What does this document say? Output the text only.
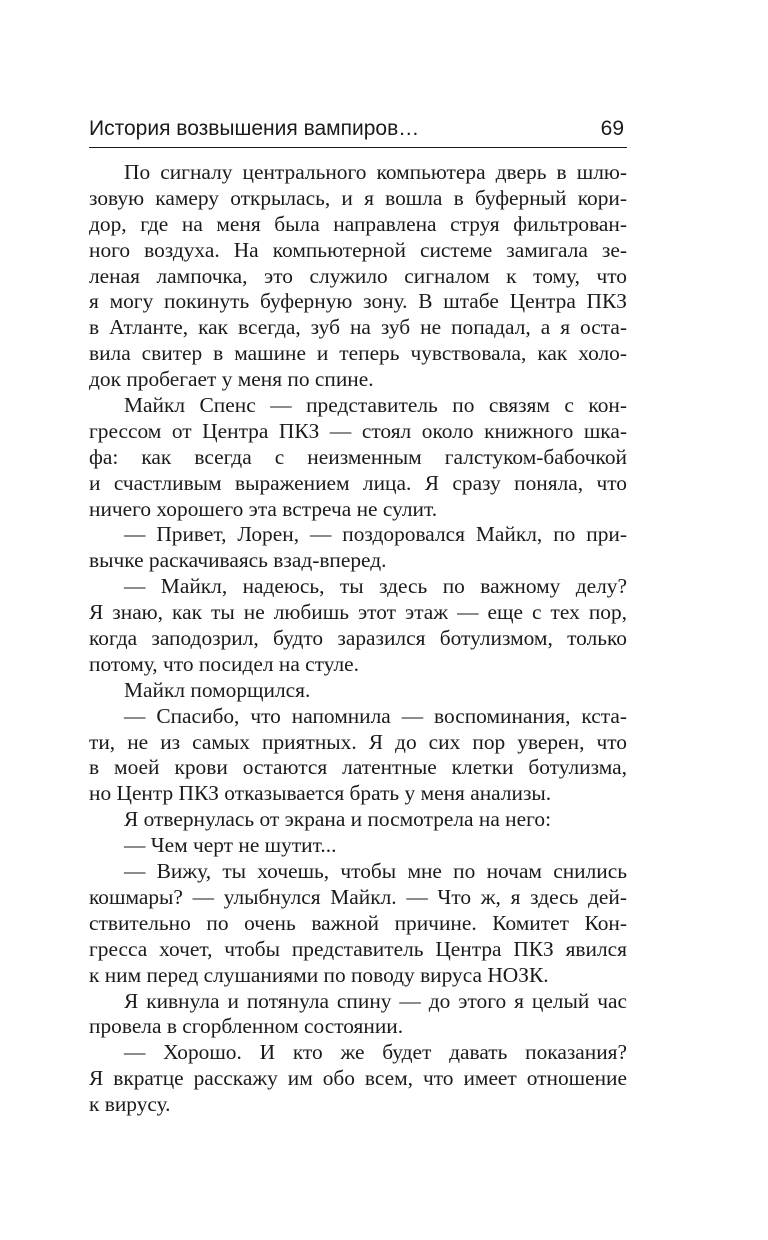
История возвышения вампиров…	69
По сигналу центрального компьютера дверь в шлю-
зовую камеру открылась, и я вошла в буферный кори-
дор, где на меня была направлена струя фильтрован-
ного воздуха. На компьютерной системе замигала зе-
леная лампочка, это служило сигналом к тому, что
я могу покинуть буферную зону. В штабе Центра ПКЗ
в Атланте, как всегда, зуб на зуб не попадал, а я оста-
вила свитер в машине и теперь чувствовала, как холо-
док пробегает у меня по спине.
Майкл Спенс — представитель по связям с кон-
грессом от Центра ПКЗ — стоял около книжного шка-
фа: как всегда с неизменным галстуком-бабочкой
и счастливым выражением лица. Я сразу поняла, что
ничего хорошего эта встреча не сулит.
— Привет, Лорен, — поздоровался Майкл, по при-
вычке раскачиваясь взад-вперед.
— Майкл, надеюсь, ты здесь по важному делу?
Я знаю, как ты не любишь этот этаж — еще с тех пор,
когда заподозрил, будто заразился ботулизмом, только
потому, что посидел на стуле.
Майкл поморщился.
— Спасибо, что напомнила — воспоминания, кста-
ти, не из самых приятных. Я до сих пор уверен, что
в моей крови остаются латентные клетки ботулизма,
но Центр ПКЗ отказывается брать у меня анализы.
Я отвернулась от экрана и посмотрела на него:
— Чем черт не шутит...
— Вижу, ты хочешь, чтобы мне по ночам снились
кошмары? — улыбнулся Майкл. — Что ж, я здесь дей-
ствительно по очень важной причине. Комитет Кон-
гресса хочет, чтобы представитель Центра ПКЗ явился
к ним перед слушаниями по поводу вируса НОЗК.
Я кивнула и потянула спину — до этого я целый час
провела в сгорбленном состоянии.
— Хорошо. И кто же будет давать показания?
Я вкратце расскажу им обо всем, что имеет отношение
к вирусу.
